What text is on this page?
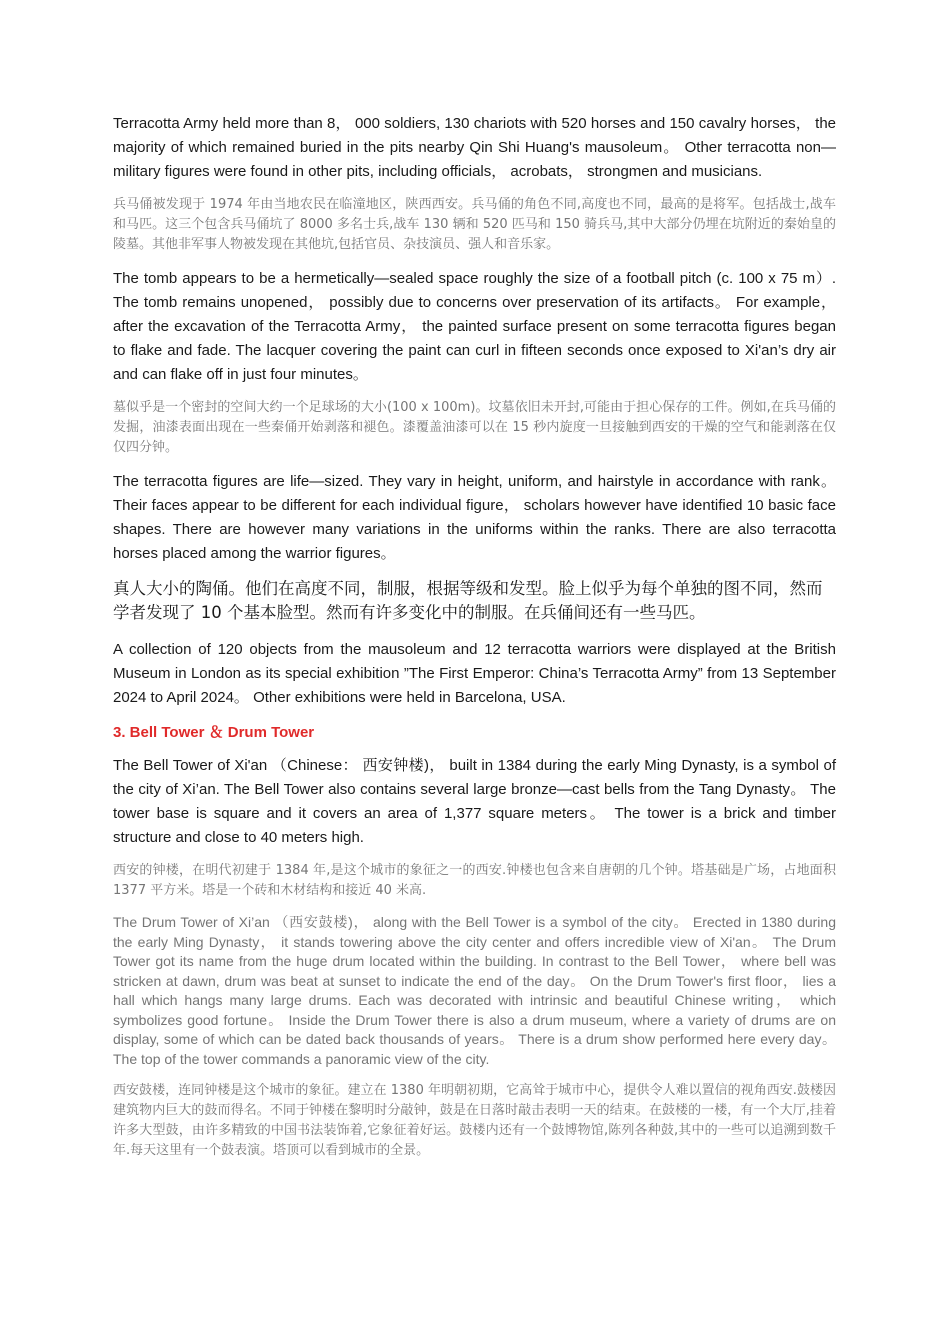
Terracotta Army held more than 8， 000 soldiers, 130 chariots with 520 horses and 150 cavalry horses， the majority of which remained buried in the pits nearby Qin Shi Huang's mausoleum。 Other terracotta non—military figures were found in other pits, including officials， acrobats， strongmen and musicians.

兵马俑被发现于 1974 年由当地农民在临潼地区，陕西西安。兵马俑的角色不同,高度也不同，最高的是将军。包括战士,战车和马匹。这三个包含兵马俑坑了 8000 多名士兵,战车 130 辆和 520 匹马和 150 骑兵马,其中大部分仍埋在坑附近的秦始皇的陵墓。其他非军事人物被发现在其他坑,包括官员、杂技演员、强人和音乐家。

The tomb appears to be a hermetically—sealed space roughly the size of a football pitch (c. 100 x 75 m）. The tomb remains unopened， possibly due to concerns over preservation of its artifacts。 For example， after the excavation of the Terracotta Army， the painted surface present on some terracotta figures began to flake and fade. The lacquer covering the paint can curl in fifteen seconds once exposed to Xi'an’s dry air and can flake off in just four minutes。

墓似乎是一个密封的空间大约一个足球场的大小(100 x 100m)。坟墓依旧未开封,可能由于担心保存的工件。例如,在兵马俑的发掘，油漆表面出现在一些秦俑开始剥落和褪色。漆覆盖油漆可以在 15 秒内旋度一旦接触到西安的干燥的空气和能剥落在仅仅四分钟。

The terracotta figures are life—sized. They vary in height, uniform, and hairstyle in accordance with rank。 Their faces appear to be different for each individual figure， scholars however have identified 10 basic face shapes. There are however many variations in the uniforms within the ranks. There are also terracotta horses placed among the warrior figures。

真人大小的陶俑。他们在高度不同，制服，根据等级和发型。脸上似乎为每个单独的图不同，然而学者发现了 10 个基本脸型。然而有许多变化中的制服。在兵俑间还有一些马匹。

A collection of 120 objects from the mausoleum and 12 terracotta warriors were displayed at the British Museum in London as its special exhibition ”The First Emperor: China’s Terracotta Army” from 13 September 2024 to April 2024。 Other exhibitions were held in Barcelona, USA.

3. Bell Tower ＆ Drum Tower

The Bell Tower of Xi'an （Chinese： 西安钟楼)， built in 1384 during the early Ming Dynasty, is a symbol of the city of Xi’an. The Bell Tower also contains several large bronze—cast bells from the Tang Dynasty。 The tower base is square and it covers an area of 1,377 square meters。 The tower is a brick and timber structure and close to 40 meters high.

西安的钟楼，在明代初建于 1384 年,是这个城市的象征之一的西安.钟楼也包含来自唐朝的几个钟。塔基础是广场，占地面积 1377 平方米。塔是一个砖和木材结构和接近 40 米高.

The Drum Tower of Xi’an （西安鼓楼)， along with the Bell Tower is a symbol of the city。 Erected in 1380 during the early Ming Dynasty， it stands towering above the city center and offers incredible view of Xi'an。 The Drum Tower got its name from the huge drum located within the building. In contrast to the Bell Tower， where bell was stricken at dawn, drum was beat at sunset to indicate the end of the day。 On the Drum Tower's first floor， lies a hall which hangs many large drums. Each was decorated with intrinsic and beautiful Chinese writing， which symbolizes good fortune。 Inside the Drum Tower there is also a drum museum, where a variety of drums are on display, some of which can be dated back thousands of years。 There is a drum show performed here every day。 The top of the tower commands a panoramic view of the city.

西安鼓楼，连同钟楼是这个城市的象征。建立在 1380 年明朝初期，它高耸于城市中心，提供令人难以置信的视角西安.鼓楼因建筑物内巨大的鼓而得名。不同于钟楼在黎明时分敲钟，鼓是在日落时敲击表明一天的结束。在鼓楼的一楼，有一个大厅,挂着许多大型鼓，由许多精致的中国书法装饰着,它象征着好运。鼓楼内还有一个鼓博物馆,陈列各种鼓,其中的一些可以追溯到数千年.每天这里有一个鼓表演。塔顶可以看到城市的全景。
